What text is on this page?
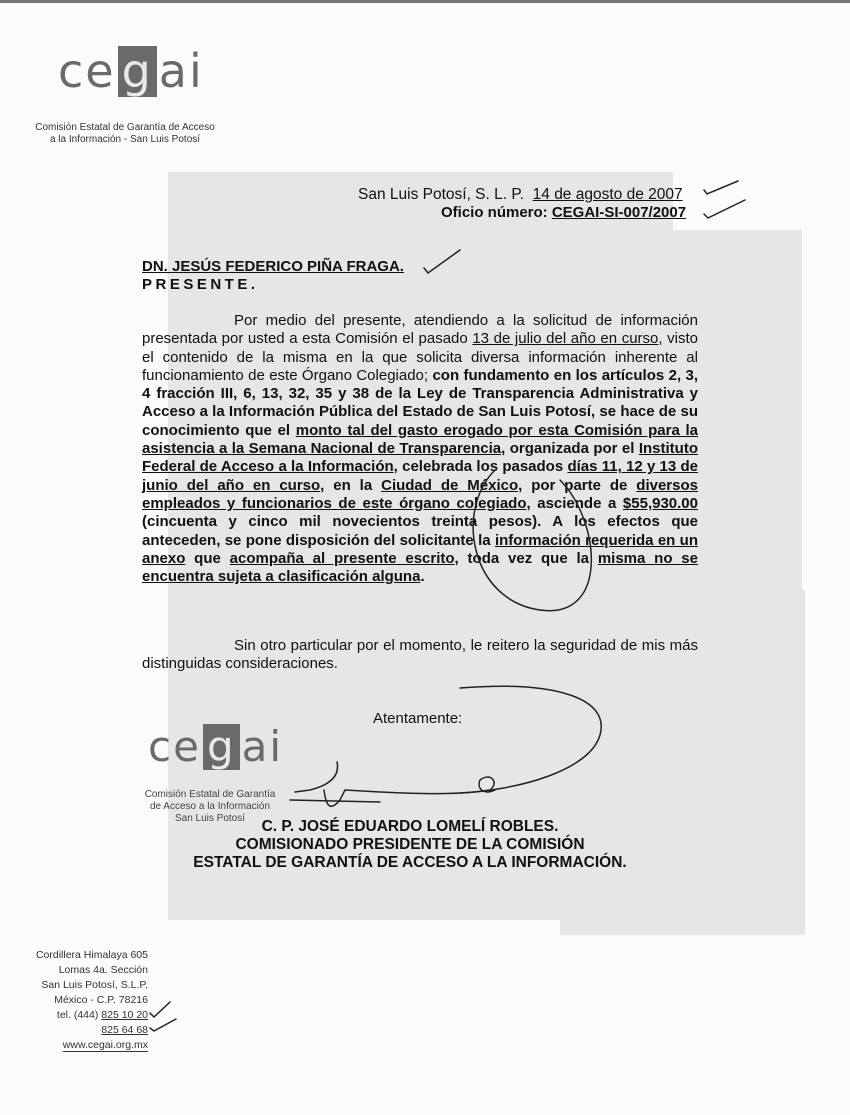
ce g ai
Comisión Estatal de Garantía de Acceso
a la Información - San Luis Potosí
San Luis Potosí, S. L. P. 14 de agosto de 2007
Oficio número: CEGAI-SI-007/2007
DN. JESÚS FEDERICO PIÑA FRAGA.
PRESENTE.

Por medio del presente, atendiendo a la solicitud de información presentada por usted a esta Comisión el pasado 13 de julio del año en curso, visto el contenido de la misma en la que solicita diversa información inherente al funcionamiento de este Órgano Colegiado; con fundamento en los artículos 2, 3, 4 fracción III, 6, 13, 32, 35 y 38 de la Ley de Transparencia Administrativa y Acceso a la Información Pública del Estado de San Luis Potosí, se hace de su conocimiento que el monto tal del gasto erogado por esta Comisión para la asistencia a la Semana Nacional de Transparencia, organizada por el Instituto Federal de Acceso a la Información, celebrada los pasados días 11, 12 y 13 de junio del año en curso, en la Ciudad de México, por parte de diversos empleados y funcionarios de este órgano colegiado, asciende a $55,930.00 (cincuenta y cinco mil novecientos treinta pesos). A los efectos que anteceden, se pone disposición del solicitante la información requerida en un anexo que acompaña al presente escrito, toda vez que la misma no se encuentra sujeta a clasificación alguna.

Sin otro particular por el momento, le reitero la seguridad de mis más distinguidas consideraciones.

Atentamente:
ce g ai
Comisión Estatal de Garantía
de Acceso a la Información
San Luis Potosí	C. P. JOSÉ EDUARDO LOMELÍ ROBLES.
COMISIONADO PRESIDENTE DE LA COMISIÓN
ESTATAL DE GARANTÍA DE ACCESO A LA INFORMACIÓN.
Cordillera Himalaya 605
Lomas 4a. Sección
San Luis Potosí, S.L.P.
México - C.P. 78216
tel. (444) 825 10 20
825 64 68
www.cegai.org.mx
